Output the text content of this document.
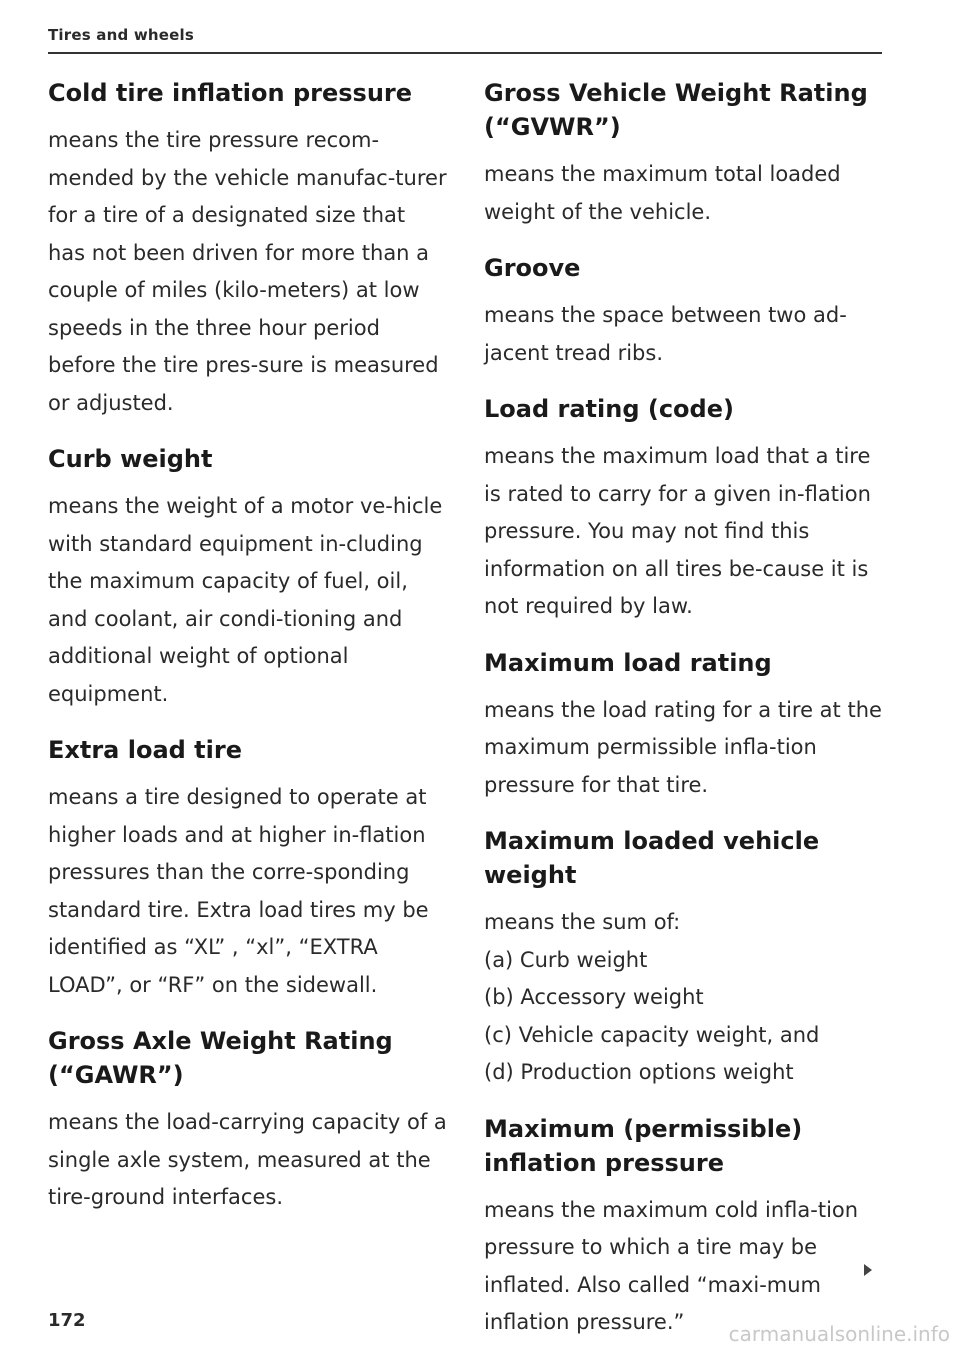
Tires and wheels
Cold tire inflation pressure

means the tire pressure recom-mended by the vehicle manufac-turer for a tire of a designated size that has not been driven for more than a couple of miles (kilo-meters) at low speeds in the three hour period before the tire pres-sure is measured or adjusted.

Curb weight

means the weight of a motor ve-hicle with standard equipment in-cluding the maximum capacity of fuel, oil, and coolant, air condi-tioning and additional weight of optional equipment.

Extra load tire

means a tire designed to operate at higher loads and at higher in-flation pressures than the corre-sponding standard tire. Extra load tires my be identified as “XL” , “xl”, “EXTRA LOAD”, or “RF” on the sidewall.

Gross Axle Weight Rating (“GAWR”)

means the load-carrying capacity of a single axle system, measured at the tire-ground interfaces.

Gross Vehicle Weight Rating (“GVWR”)

means the maximum total loaded weight of the vehicle.

Groove

means the space between two ad-jacent tread ribs.

Load rating (code)

means the maximum load that a tire is rated to carry for a given in-flation pressure. You may not find this information on all tires be-cause it is not required by law.

Maximum load rating

means the load rating for a tire at the maximum permissible infla-tion pressure for that tire.

Maximum loaded vehicle weight

means the sum of:

(a) Curb weight

(b) Accessory weight

(c) Vehicle capacity weight, and

(d) Production options weight

Maximum (permissible) inflation pressure

means the maximum cold infla-tion pressure to which a tire may be inflated. Also called “maxi-mum inflation pressure.”

172
carmanualsonline.info
